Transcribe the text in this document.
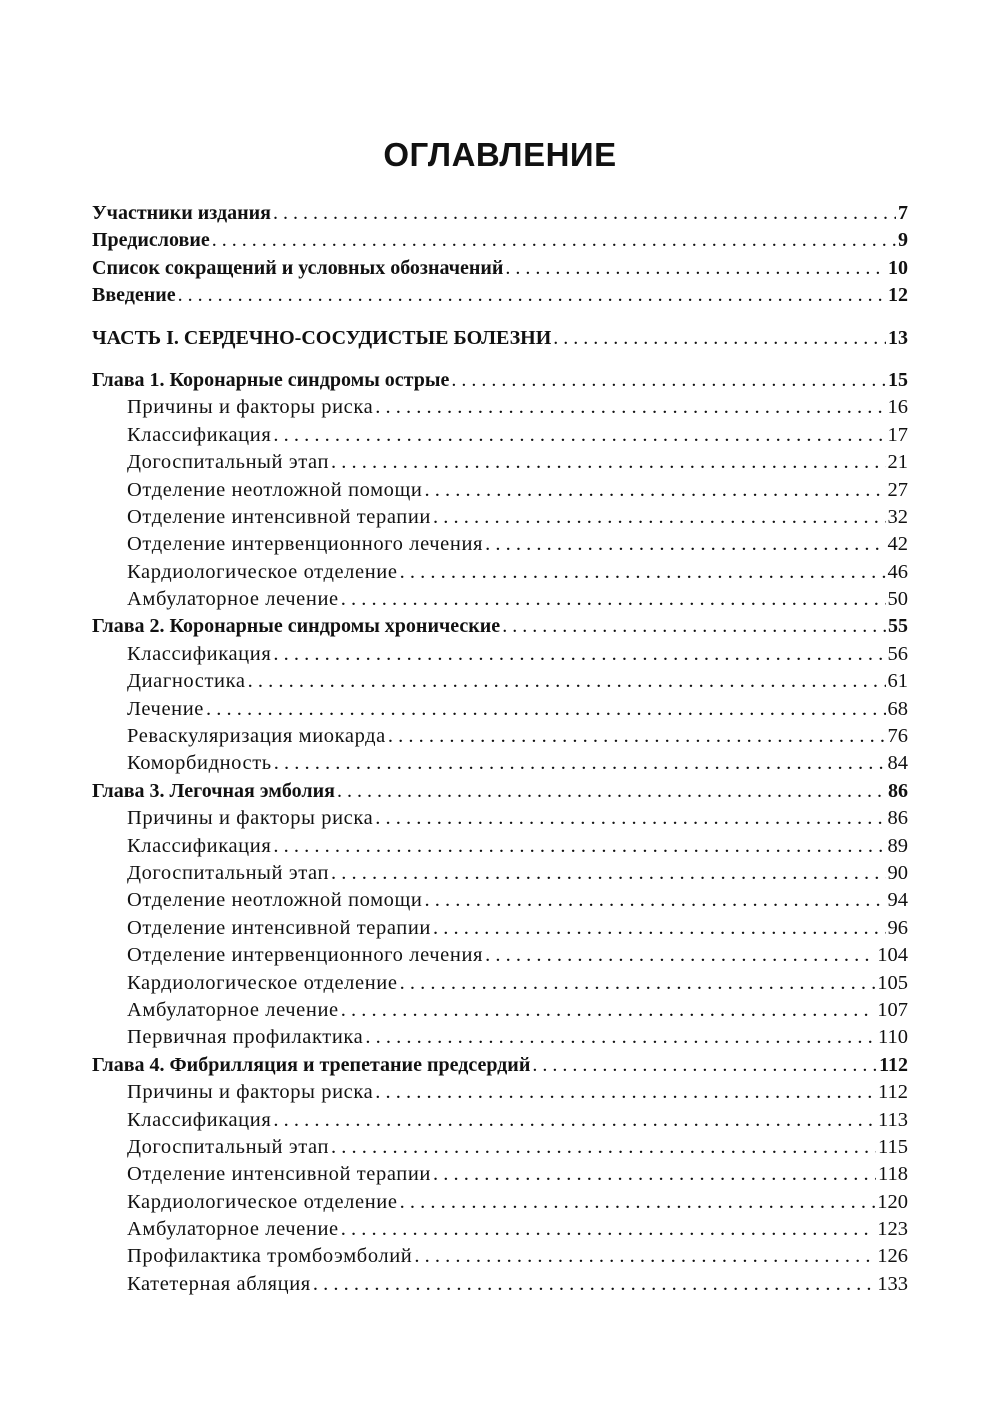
ОГЛАВЛЕНИЕ
Участники издания . . .	7
Предисловие . . .	9
Список сокращений и условных обозначений . . .	10
Введение . . .	12
ЧАСТЬ I. СЕРДЕЧНО-СОСУДИСТЫЕ БОЛЕЗНИ . . .	13
Глава 1. Коронарные синдромы острые . . .	15
Причины и факторы риска . . .	16
Классификация . . .	17
Догоспитальный этап . . .	21
Отделение неотложной помощи . . .	27
Отделение интенсивной терапии . . .	32
Отделение интервенционного лечения . . .	42
Кардиологическое отделение . . .	46
Амбулаторное лечение . . .	50
Глава 2. Коронарные синдромы хронические . . .	55
Классификация . . .	56
Диагностика . . .	61
Лечение . . .	68
Реваскуляризация миокарда . . .	76
Коморбидность . . .	84
Глава 3. Легочная эмболия . . .	86
Причины и факторы риска . . .	86
Классификация . . .	89
Догоспитальный этап . . .	90
Отделение неотложной помощи . . .	94
Отделение интенсивной терапии . . .	96
Отделение интервенционного лечения . . .	104
Кардиологическое отделение . . .	105
Амбулаторное лечение . . .	107
Первичная профилактика . . .	110
Глава 4. Фибрилляция и трепетание предсердий . . .	112
Причины и факторы риска . . .	112
Классификация . . .	113
Догоспитальный этап . . .	115
Отделение интенсивной терапии . . .	118
Кардиологическое отделение . . .	120
Амбулаторное лечение . . .	123
Профилактика тромбоэмболий . . .	126
Катетерная абляция . . .	133
